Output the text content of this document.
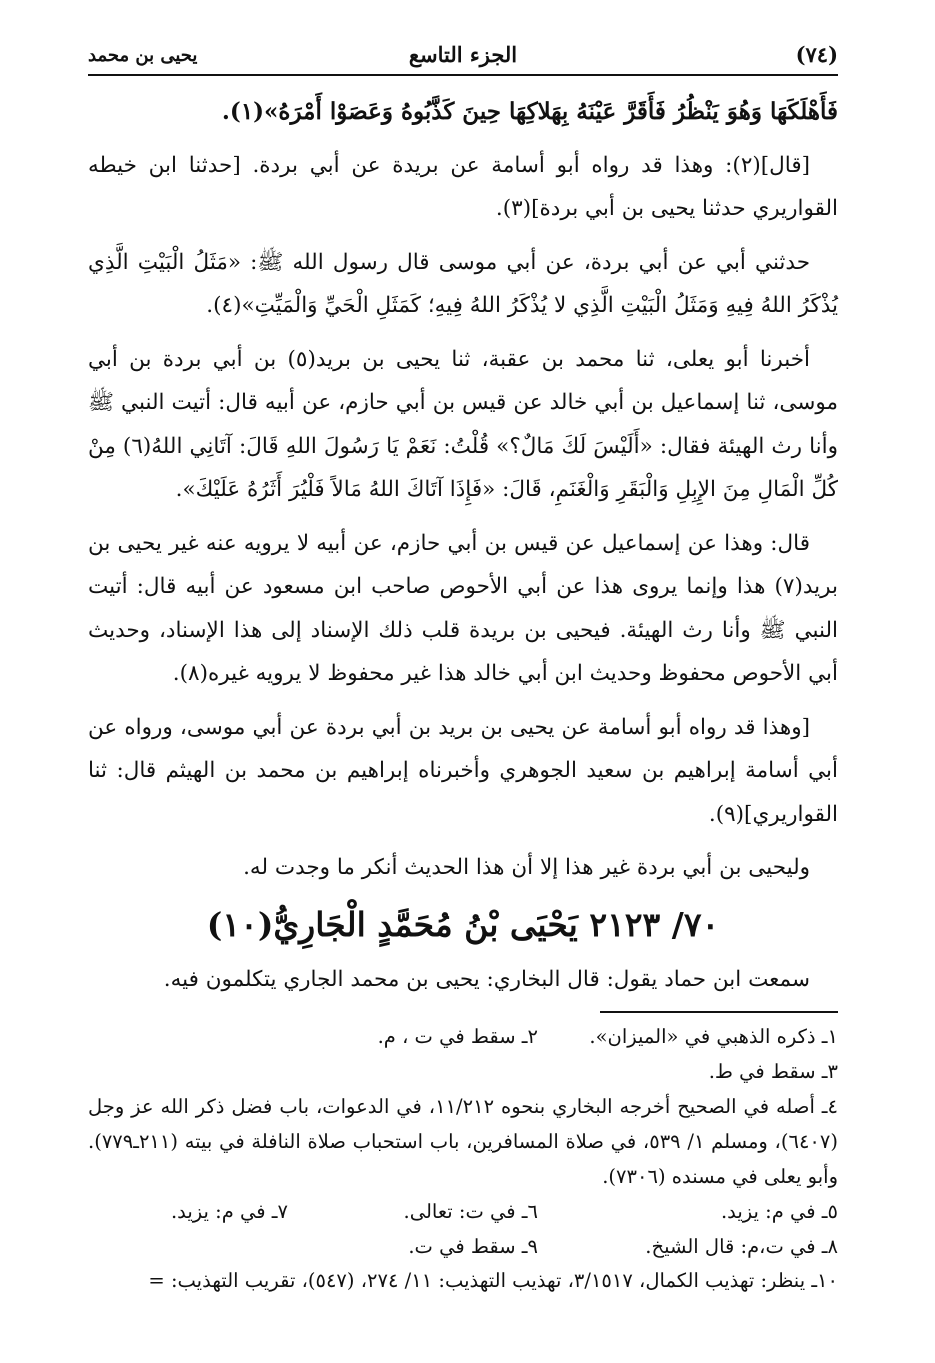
(٧٤)
الجزء التاسع
يحيى بن محمد

فَأَهْلَكَهَا وَهُوَ يَنْظُرُ فَأَقَرَّ عَيْنَهُ بِهَلاكِهَا حِينَ كَذَّبُوهُ وَعَصَوْا أَمْرَهُ»(١).

[قال](٢): وهذا قد رواه أبو أسامة عن بريدة عن أبي بردة. [حدثنا ابن خيطه القواريري حدثنا يحيى بن أبي بردة](٣).

حدثني أبي عن أبي بردة، عن أبي موسى قال رسول الله ﷺ: «مَثَلُ الْبَيْتِ الَّذِي يُذْكَرُ اللهُ فِيهِ وَمَثَلُ الْبَيْتِ الَّذِي لا يُذْكَرُ اللهُ فِيهِ؛ كَمَثَلِ الْحَيِّ وَالْمَيِّتِ»(٤).

أخبرنا أبو يعلى، ثنا محمد بن عقبة، ثنا يحيى بن بريد(٥) بن أبي بردة بن أبي موسى، ثنا إسماعيل بن أبي خالد عن قيس بن أبي حازم، عن أبيه قال: أتيت النبي ﷺ وأنا رث الهيئة فقال: «أَلَيْسَ لَكَ مَالٌ؟» قُلْتُ: نَعَمْ يَا رَسُولَ اللهِ قَالَ: آتَانِي اللهُ(٦) مِنْ كُلِّ الْمَالِ مِنَ الإِبِلِ وَالْبَقَرِ وَالْغَنَمِ، قَالَ: «فَإِذَا آتَاكَ اللهُ مَالاً فَلْيُرَ أَثَرُهُ عَلَيْكَ».

قال: وهذا عن إسماعيل عن قيس بن أبي حازم، عن أبيه لا يرويه عنه غير يحيى بن بريد(٧) هذا وإنما يروى هذا عن أبي الأحوص صاحب ابن مسعود عن أبيه قال: أتيت النبي ﷺ وأنا رث الهيئة. فيحيى بن بريدة قلب ذلك الإسناد إلى هذا الإسناد، وحديث أبي الأحوص محفوظ وحديث ابن أبي خالد هذا غير محفوظ لا يرويه غيره(٨).

[وهذا قد رواه أبو أسامة عن يحيى بن بريد بن أبي بردة عن أبي موسى، ورواه عن أبي أسامة إبراهيم بن سعيد الجوهري وأخبرناه إبراهيم بن محمد بن الهيثم قال: ثنا القواريري](٩).

وليحيى بن أبي بردة غير هذا إلا أن هذا الحديث أنكر ما وجدت له.

٧٠/ ٢١٢٣ يَحْيَى بْنُ مُحَمَّدٍ الْجَارِيُّ(١٠)

سمعت ابن حماد يقول: قال البخاري: يحيى بن محمد الجاري يتكلمون فيه.

١ـ ذكره الذهبي في «الميزان».
٢ـ سقط في ت ، م.

٣ـ سقط في ط.

٤ـ أصله في الصحيح أخرجه البخاري بنحوه ١١/٢١٢، في الدعوات، باب فضل ذكر الله عز وجل (٦٤٠٧)، ومسلم ١/ ٥٣٩، في صلاة المسافرين، باب استحباب صلاة النافلة في بيته (٢١١ـ٧٧٩). وأبو يعلى في مسنده (٧٣٠٦).

٥ـ في م: يزيد.
٦ـ في ت: تعالى.
٧ـ في م: يزيد.
٨ـ في ت،م: قال الشيخ.
٩ـ سقط في ت.
١٠ـ ينظر: تهذيب الكمال، ٣/١٥١٧، تهذيب التهذيب: ١١/ ٢٧٤، (٥٤٧)، تقريب التهذيب: =
